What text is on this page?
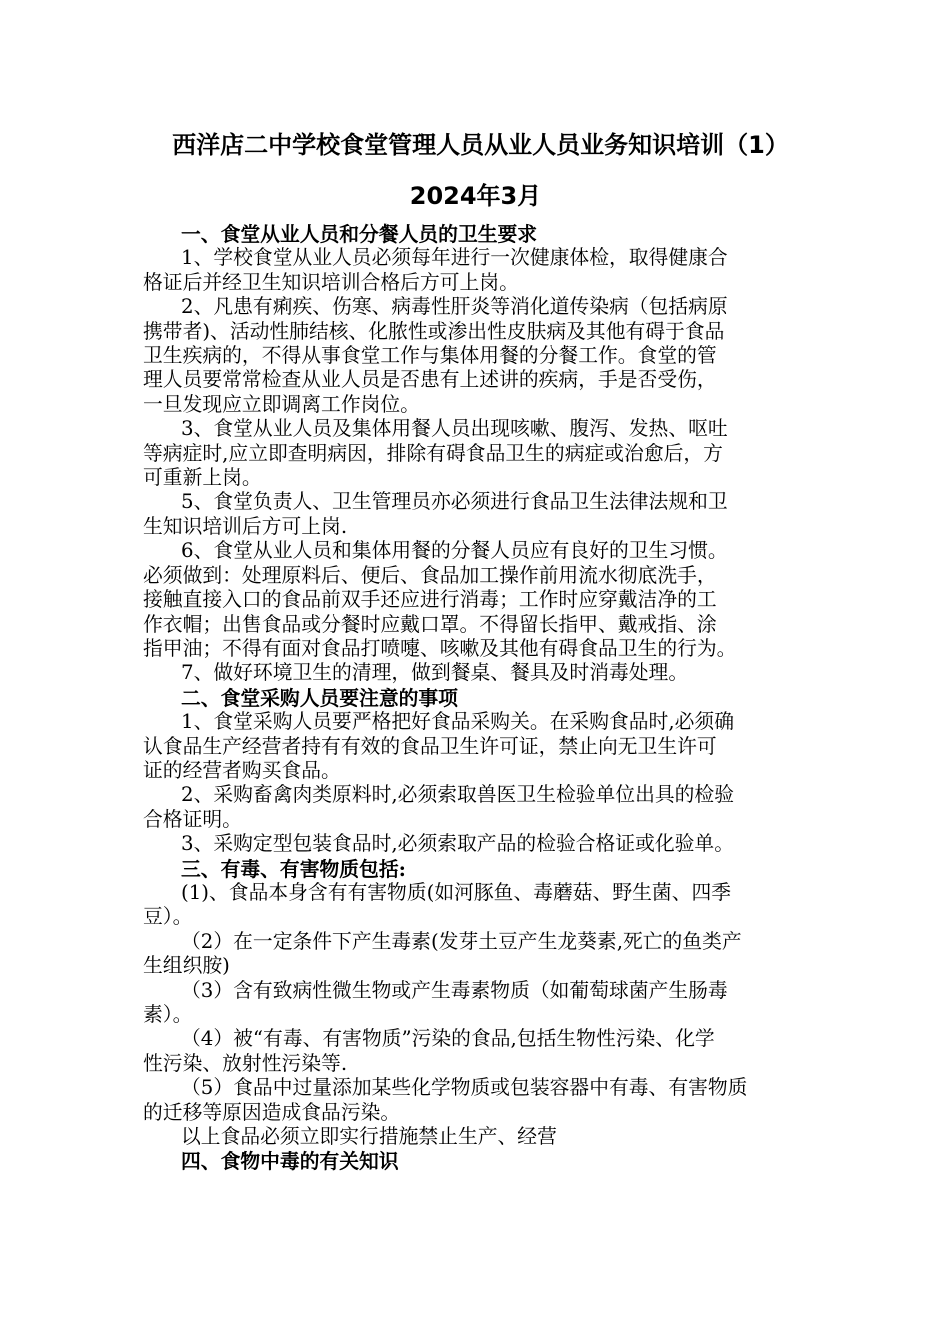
西洋店二中学校食堂管理人员从业人员业务知识培训（1）
2024年3月
一、食堂从业人员和分餐人员的卫生要求
1、学校食堂从业人员必须每年进行一次健康体检，取得健康合
格证后并经卫生知识培训合格后方可上岗。
2、凡患有痢疾、伤寒、病毒性肝炎等消化道传染病（包括病原
携带者)、活动性肺结核、化脓性或渗出性皮肤病及其他有碍于食品
卫生疾病的，不得从事食堂工作与集体用餐的分餐工作。食堂的管
理人员要常常检查从业人员是否患有上述讲的疾病，手是否受伤，
一旦发现应立即调离工作岗位。
3、食堂从业人员及集体用餐人员出现咳嗽、腹泻、发热、呕吐
等病症时,应立即查明病因，排除有碍食品卫生的病症或治愈后，方
可重新上岗。
5、食堂负责人、卫生管理员亦必须进行食品卫生法律法规和卫
生知识培训后方可上岗.
6、食堂从业人员和集体用餐的分餐人员应有良好的卫生习惯。
必须做到：处理原料后、便后、食品加工操作前用流水彻底洗手，
接触直接入口的食品前双手还应进行消毒；工作时应穿戴洁净的工
作衣帽；出售食品或分餐时应戴口罩。不得留长指甲、戴戒指、涂
指甲油；不得有面对食品打喷嚏、咳嗽及其他有碍食品卫生的行为。
7、做好环境卫生的清理，做到餐桌、餐具及时消毒处理。
二、食堂采购人员要注意的事项
1、食堂采购人员要严格把好食品采购关。在采购食品时,必须确
认食品生产经营者持有有效的食品卫生许可证，禁止向无卫生许可
证的经营者购买食品。
2、采购畜禽肉类原料时,必须索取兽医卫生检验单位出具的检验
合格证明。
3、采购定型包装食品时,必须索取产品的检验合格证或化验单。
三、有毒、有害物质包括:
(1)、食品本身含有有害物质(如河豚鱼、毒蘑菇、野生菌、四季
豆）。
（2）在一定条件下产生毒素(发芽土豆产生龙葵素,死亡的鱼类产
生组织胺)
（3）含有致病性微生物或产生毒素物质（如葡萄球菌产生肠毒
素）。
（4）被“有毒、有害物质”污染的食品,包括生物性污染、化学
性污染、放射性污染等.
（5）食品中过量添加某些化学物质或包装容器中有毒、有害物质
的迁移等原因造成食品污染。
以上食品必须立即实行措施禁止生产、经营
四、食物中毒的有关知识
